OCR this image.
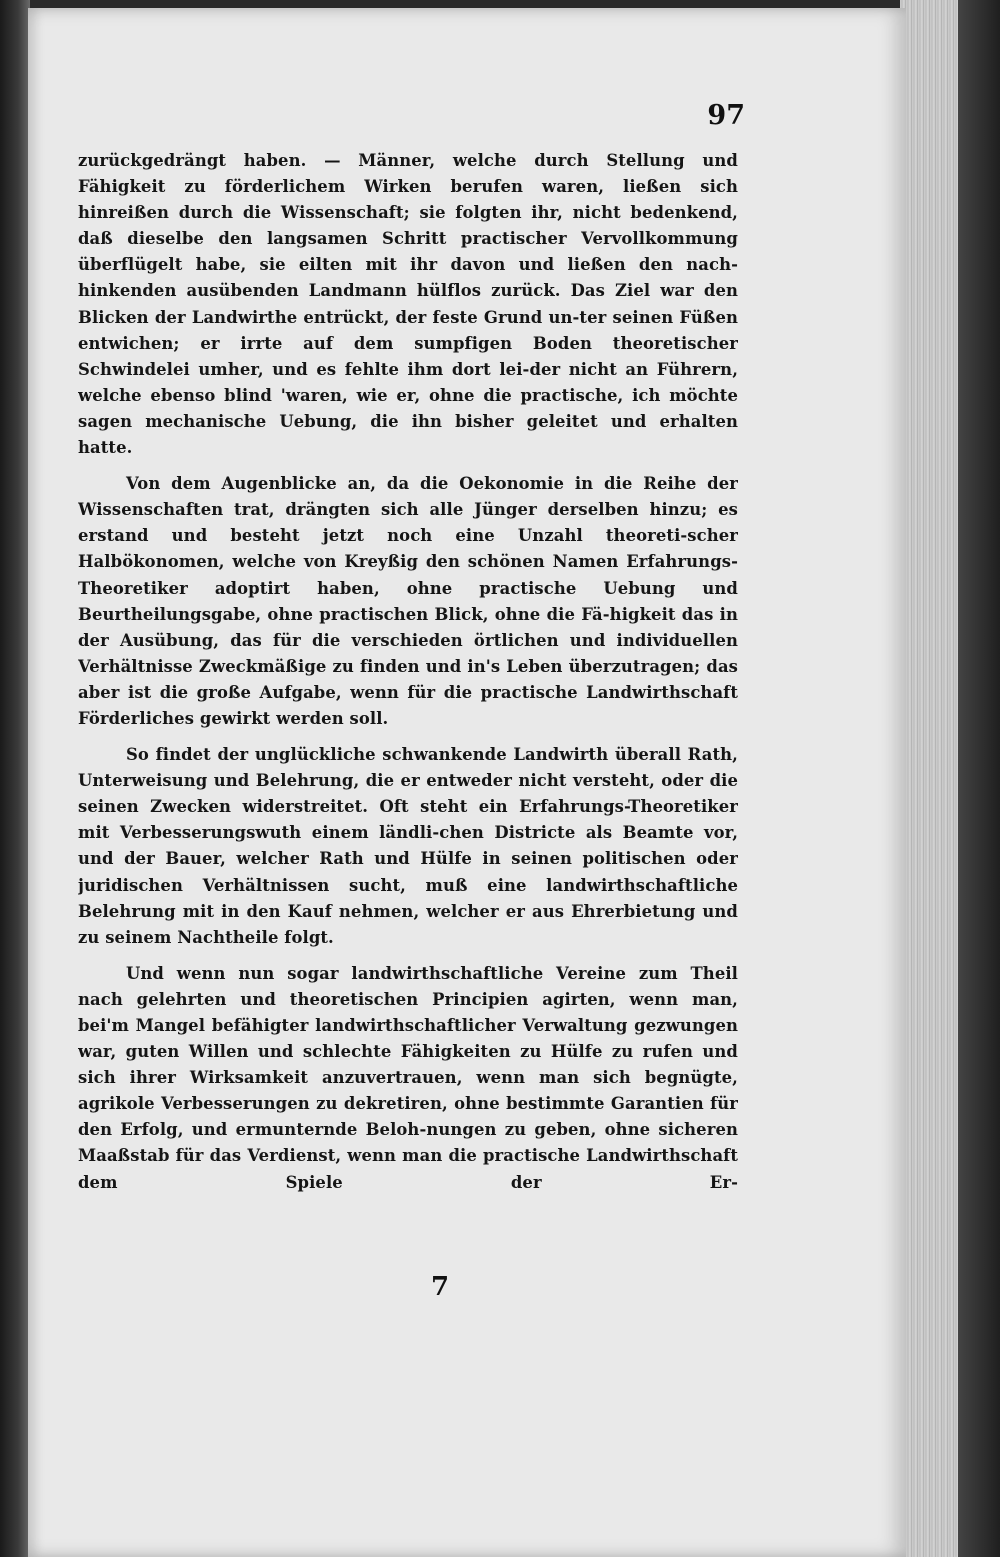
97

zurückgedrängt haben. — Männer, welche durch Stellung und Fähigkeit zu förderlichem Wirken berufen waren, ließen sich hinreißen durch die Wissenschaft; sie folgten ihr, nicht bedenkend, daß dieselbe den langsamen Schritt practischer Vervollkommung überflügelt habe, sie eilten mit ihr davon und ließen den nach-hinkenden ausübenden Landmann hülflos zurück. Das Ziel war den Blicken der Landwirthe entrückt, der feste Grund un-ter seinen Füßen entwichen; er irrte auf dem sumpfigen Boden theoretischer Schwindelei umher, und es fehlte ihm dort lei-der nicht an Führern, welche ebenso blind 'waren, wie er, ohne die practische, ich möchte sagen mechanische Uebung, die ihn bisher geleitet und erhalten hatte.

Von dem Augenblicke an, da die Oekonomie in die Reihe der Wissenschaften trat, drängten sich alle Jünger derselben hinzu; es erstand und besteht jetzt noch eine Unzahl theoreti-scher Halbökonomen, welche von Kreyßig den schönen Namen Erfahrungs-Theoretiker adoptirt haben, ohne practische Uebung und Beurtheilungsgabe, ohne practischen Blick, ohne die Fä-higkeit das in der Ausübung, das für die verschieden örtlichen und individuellen Verhältnisse Zweckmäßige zu finden und in's Leben überzutragen; das aber ist die große Aufgabe, wenn für die practische Landwirthschaft Förderliches gewirkt werden soll.

So findet der unglückliche schwankende Landwirth überall Rath, Unterweisung und Belehrung, die er entweder nicht versteht, oder die seinen Zwecken widerstreitet. Oft steht ein Erfahrungs-Theoretiker mit Verbesserungswuth einem ländli-chen Districte als Beamte vor, und der Bauer, welcher Rath und Hülfe in seinen politischen oder juridischen Verhältnissen sucht, muß eine landwirthschaftliche Belehrung mit in den Kauf nehmen, welcher er aus Ehrerbietung und zu seinem Nachtheile folgt.

Und wenn nun sogar landwirthschaftliche Vereine zum Theil nach gelehrten und theoretischen Principien agirten, wenn man, bei'm Mangel befähigter landwirthschaftlicher Verwaltung gezwungen war, guten Willen und schlechte Fähigkeiten zu Hülfe zu rufen und sich ihrer Wirksamkeit anzuvertrauen, wenn man sich begnügte, agrikole Verbesserungen zu dekretiren, ohne bestimmte Garantien für den Erfolg, und ermunternde Beloh-nungen zu geben, ohne sicheren Maaßstab für das Verdienst, wenn man die practische Landwirthschaft dem Spiele der Er-

7
